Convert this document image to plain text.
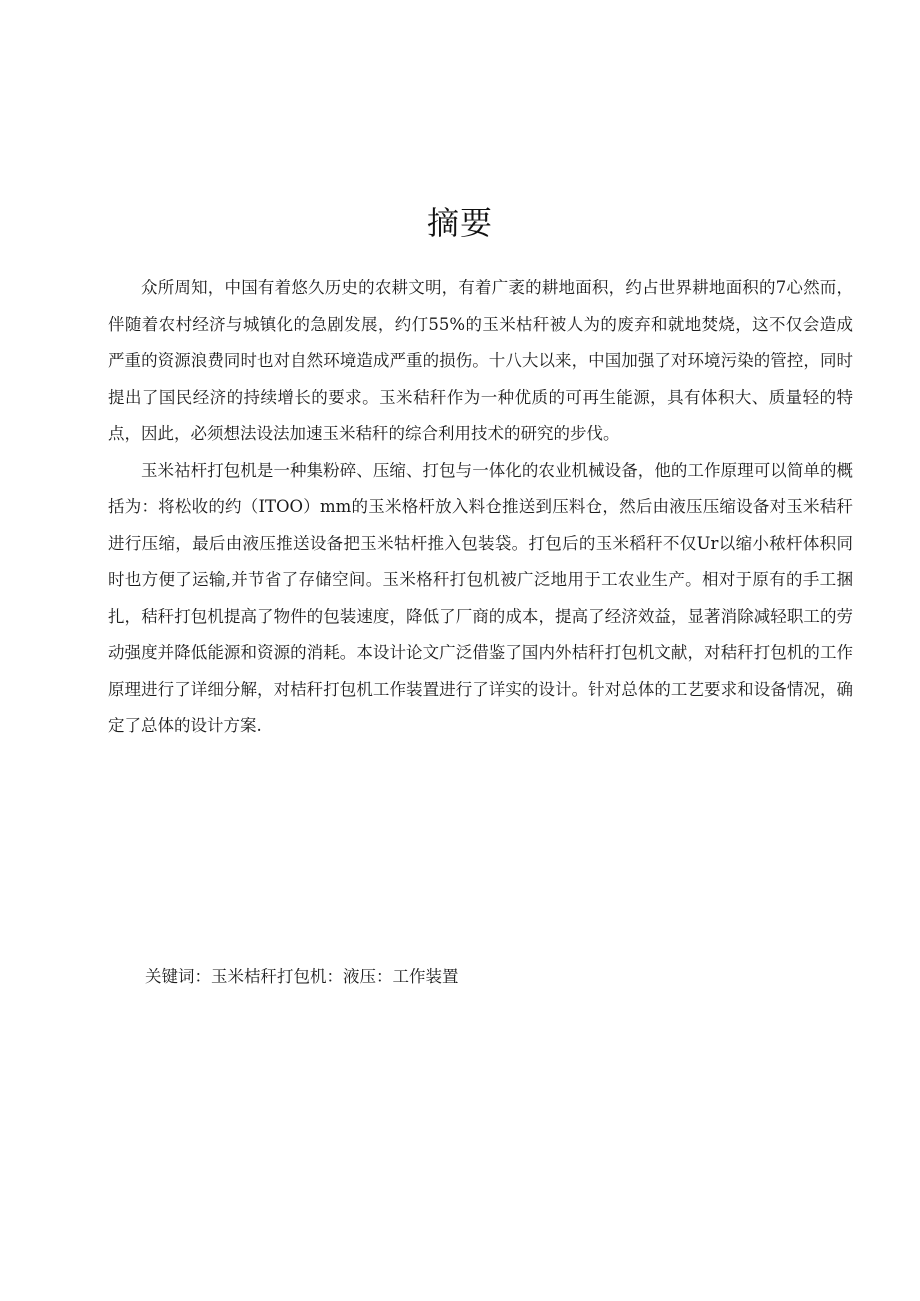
摘要

众所周知，中国有着悠久历史的农耕文明，有着广袤的耕地面积，约占世界耕地面积的7心然而，伴随着农村经济与城镇化的急剧发展，约仃55%的玉米枯秆被人为的废弃和就地焚烧，这不仅会造成严重的资源浪费同时也对自然环境造成严重的损伤。十八大以来，中国加强了对环境污染的管控，同时提出了国民经济的持续增长的要求。玉米秸秆作为一种优质的可再生能源，具有体积大、质量轻的特点，因此，必须想法设法加速玉米秸秆的综合利用技术的研究的步伐。

玉米祜杆打包机是一种集粉碎、压缩、打包与一体化的农业机械设备，他的工作原理可以简单的概括为：将松收的约（ITOO）mm的玉米格杆放入料仓推送到压料仓，然后由液压压缩设备对玉米秸秆进行压缩，最后由液压推送设备把玉米牯杆推入包装袋。打包后的玉米稻秆不仅Ur以缩小秾杆体积同时也方便了运输,并节省了存储空间。玉米格秆打包机被广泛地用于工农业生产。相对于原有的手工捆扎，秸秆打包机提高了物件的包装速度，降低了厂商的成本，提高了经济效益，显著消除减轻职工的劳动强度并降低能源和资源的消耗。本设计论文广泛借鉴了国内外桔秆打包机文献，对秸秆打包机的工作原理进行了详细分解，对桔秆打包机工作装置进行了详实的设计。针对总体的工艺要求和设备情况，确定了总体的设计方案.

关键词：玉米桔秆打包机：液压：工作装置
